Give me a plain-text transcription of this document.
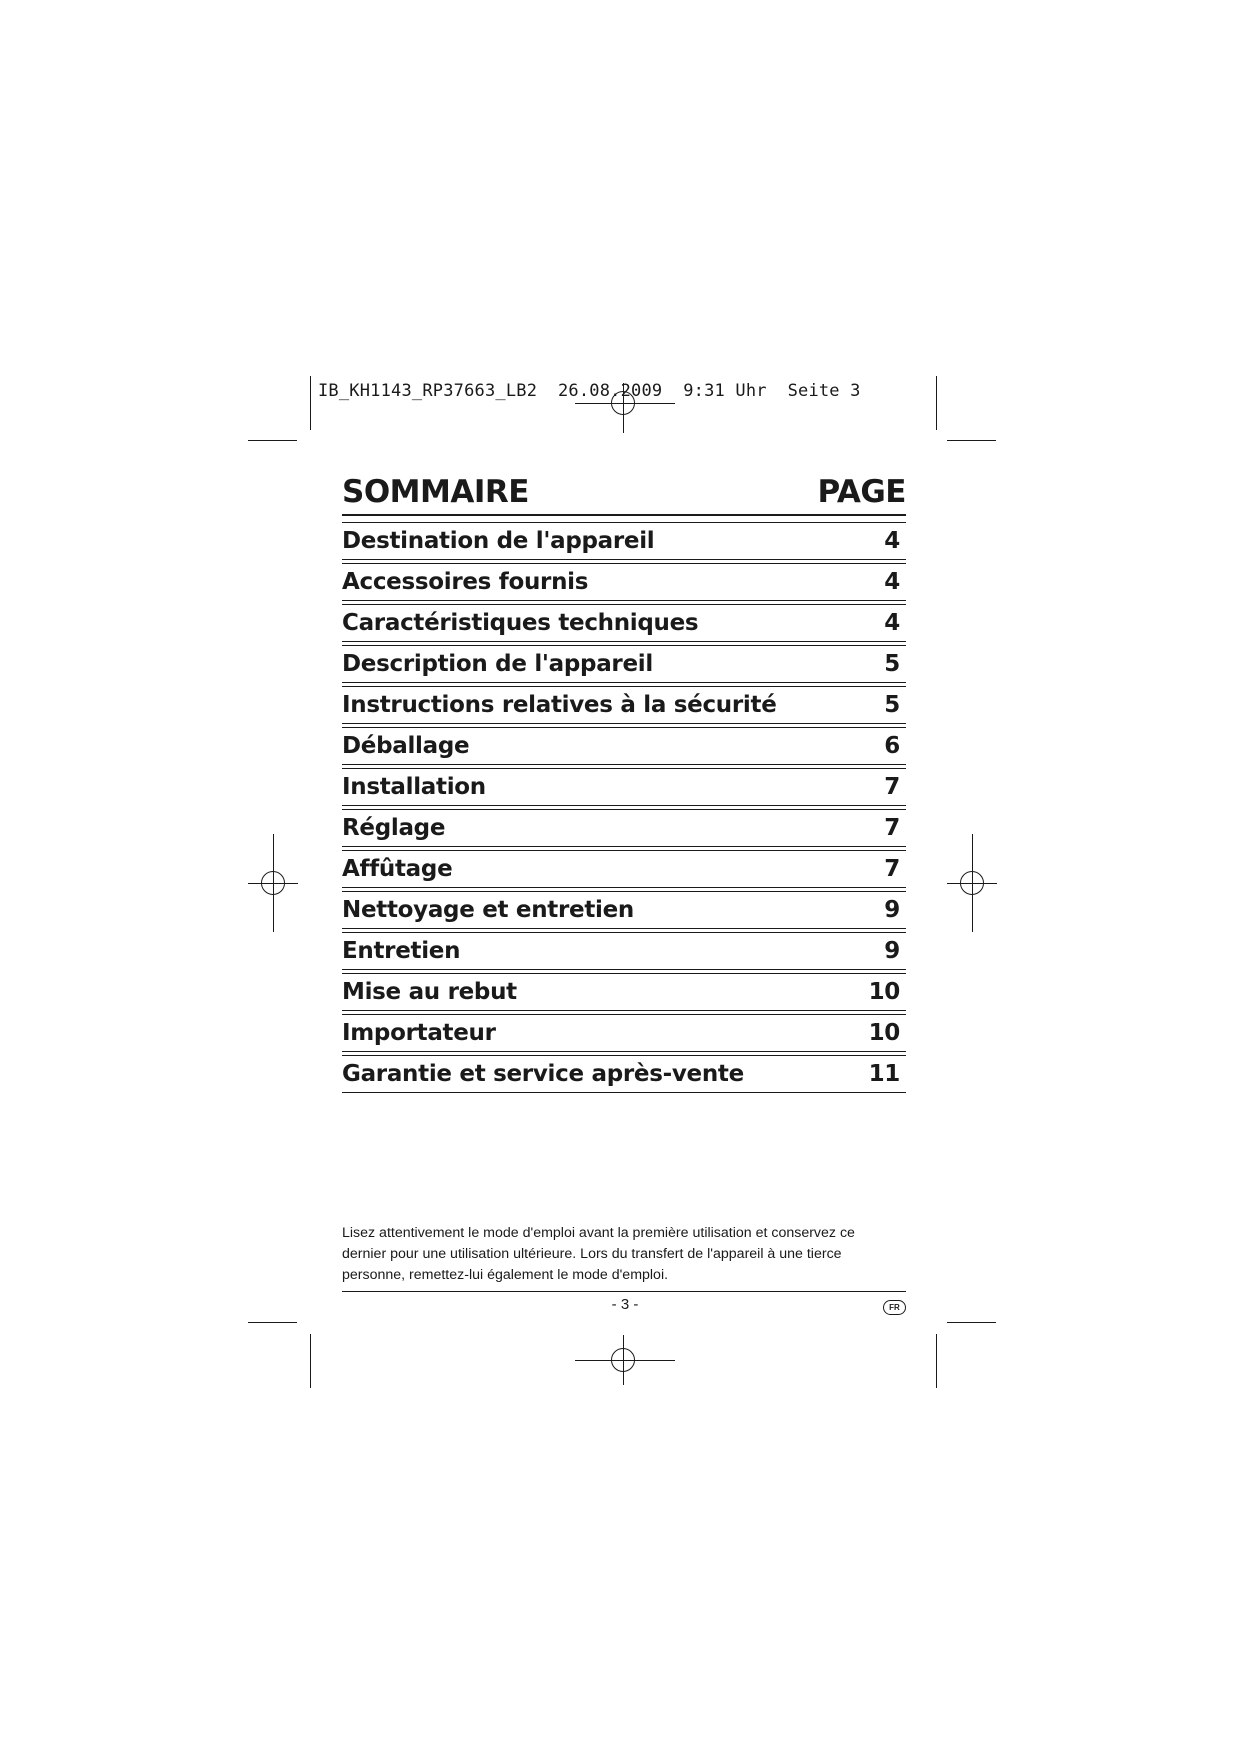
IB_KH1143_RP37663_LB2  26.08.2009  9:31 Uhr  Seite 3
SOMMAIRE	PAGE
Destination de l'appareil	4
Accessoires fournis	4
Caractéristiques techniques	4
Description de l'appareil	5
Instructions relatives à la sécurité	5
Déballage	6
Installation	7
Réglage	7
Affûtage	7
Nettoyage et entretien	9
Entretien	9
Mise au rebut	10
Importateur	10
Garantie et service après-vente	11
Lisez attentivement le mode d'emploi avant la première utilisation et conservez ce dernier pour une utilisation ultérieure. Lors du transfert de l'appareil à une tierce personne, remettez-lui également le mode d'emploi.
- 3 -	FR
